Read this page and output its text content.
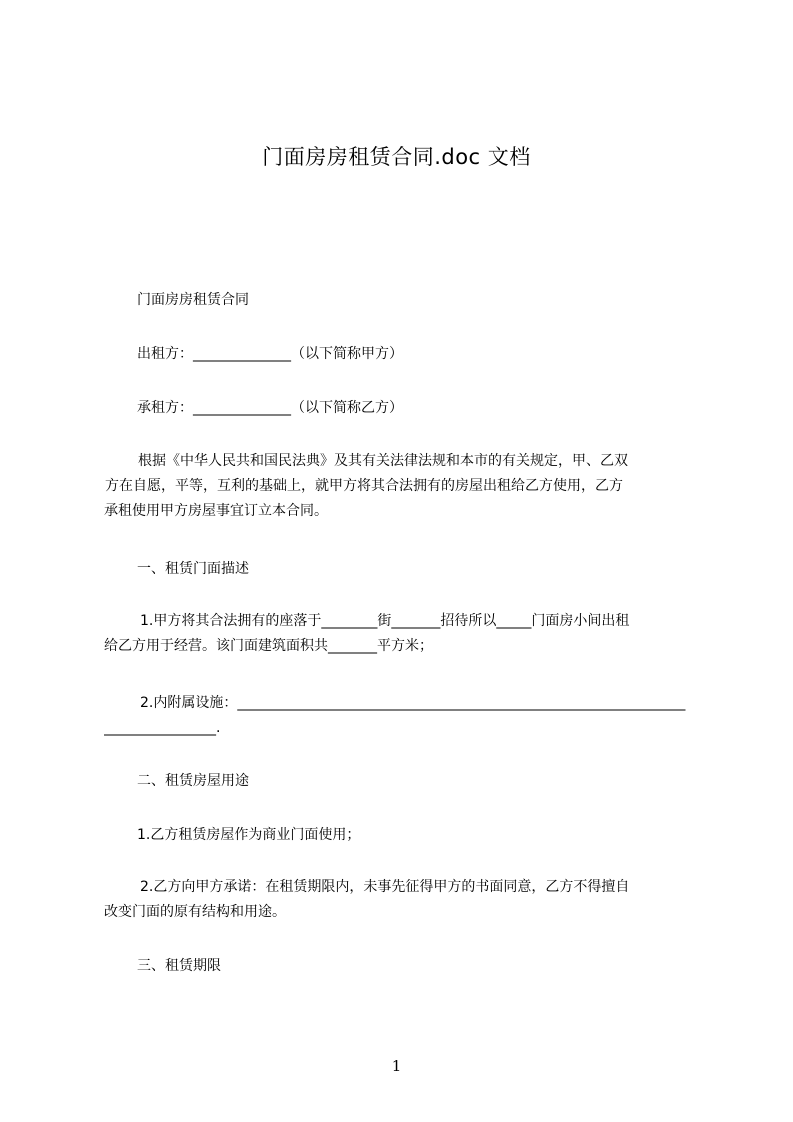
门面房房租赁合同.doc 文档
门面房房租赁合同
出租方：______________（以下简称甲方）
承租方：______________（以下简称乙方）
根据《中华人民共和国民法典》及其有关法律法规和本市的有关规定，甲、乙双
方在自愿，平等，互利的基础上，就甲方将其合法拥有的房屋出租给乙方使用，乙方
承租使用甲方房屋事宜订立本合同。
一、租赁门面描述
1.甲方将其合法拥有的座落于________街_______招待所以_____门面房小间出租
给乙方用于经营。该门面建筑面积共_______平方米；
2.内附属设施：________________________________________________________________
________________.
二、租赁房屋用途
1.乙方租赁房屋作为商业门面使用；
2.乙方向甲方承诺：在租赁期限内，未事先征得甲方的书面同意，乙方不得擅自
改变门面的原有结构和用途。
三、租赁期限
1
